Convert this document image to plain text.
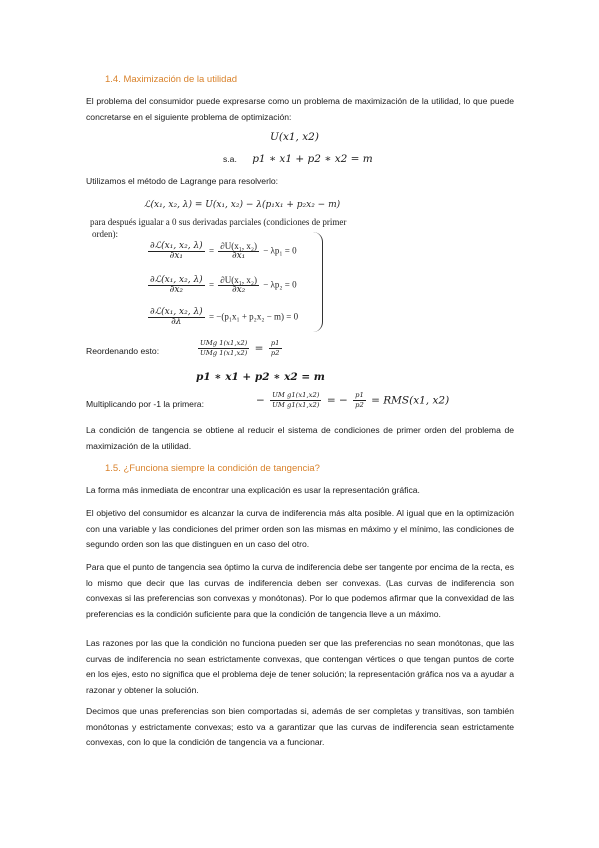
1.4. Maximización de la utilidad
El problema del consumidor puede expresarse como un problema de maximización de la utilidad, lo que puede concretarse en el siguiente problema de optimización:
U(x1, x2)
s.a. p1 ∗ x1 + p2 ∗ x2 = m
Utilizamos el método de Lagrange para resolverlo:
ℒ(x₁, x₂, λ) = U(x₁, x₂) − λ(p₁x₁ + p₂x₂ − m)
para después igualar a 0 sus derivadas parciales (condiciones de primer
orden):
$\frac{\text{∂ℒ(x₁, x₂, λ)}}{\text{∂x₁}} = \frac{\text{∂U(x₁, x₂)}}{\text{∂x₁}} - \lambda p_1 = 0$
$\frac{\text{∂ℒ(x₁, x₂, λ)}}{\text{∂x₂}} = \frac{\text{∂U(x₁, x₂)}}{\text{∂x₂}} - \lambda p_2 = 0$
$\frac{\text{∂ℒ(x₁, x₂, λ)}}{\partial\lambda} = -(p_1x_1 + p_2x_2 - m) = 0$
Reordenando esto:	$\frac{\text{UMg 1(x1,x2)}}{\text{UMg 1(x1,x2)}} = \frac{p1}{p2}$
p1 ∗ x1 + p2 ∗ x2 = m
Multiplicando por -1 la primera:	− $\frac{\text{UM g1(x1,x2)}}{\text{UM g1(x1,x2)}}$ = − $\frac{p1}{p2} = RMS(x1$, x2)
La condición de tangencia se obtiene al reducir el sistema de condiciones de primer orden del problema de maximización de la utilidad.
1.5. ¿Funciona siempre la condición de tangencia?
La forma más inmediata de encontrar una explicación es usar la representación gráfica.
El objetivo del consumidor es alcanzar la curva de indiferencia más alta posible. Al igual que en la optimización con una variable y las condiciones del primer orden son las mismas en máximo y el mínimo, las condiciones de segundo orden son las que distinguen en un caso del otro.
Para que el punto de tangencia sea óptimo la curva de indiferencia debe ser tangente por encima de la recta, es lo mismo que decir que las curvas de indiferencia deben ser convexas. (Las curvas de indiferencia son convexas si las preferencias son convexas y monótonas). Por lo que podemos afirmar que la convexidad de las preferencias es la condición suficiente para que la condición de tangencia lleve a un máximo.
Las razones por las que la condición no funciona pueden ser que las preferencias no sean monótonas, que las curvas de indiferencia no sean estrictamente convexas, que contengan vértices o que tengan puntos de corte en los ejes, esto no significa que el problema deje de tener solución; la representación gráfica nos va a ayudar a razonar y obtener la solución.
Decimos que unas preferencias son bien comportadas si, además de ser completas y transitivas, son también monótonas y estrictamente convexas; esto va a garantizar que las curvas de indiferencia sean estrictamente convexas, con lo que la condición de tangencia va a funcionar.
